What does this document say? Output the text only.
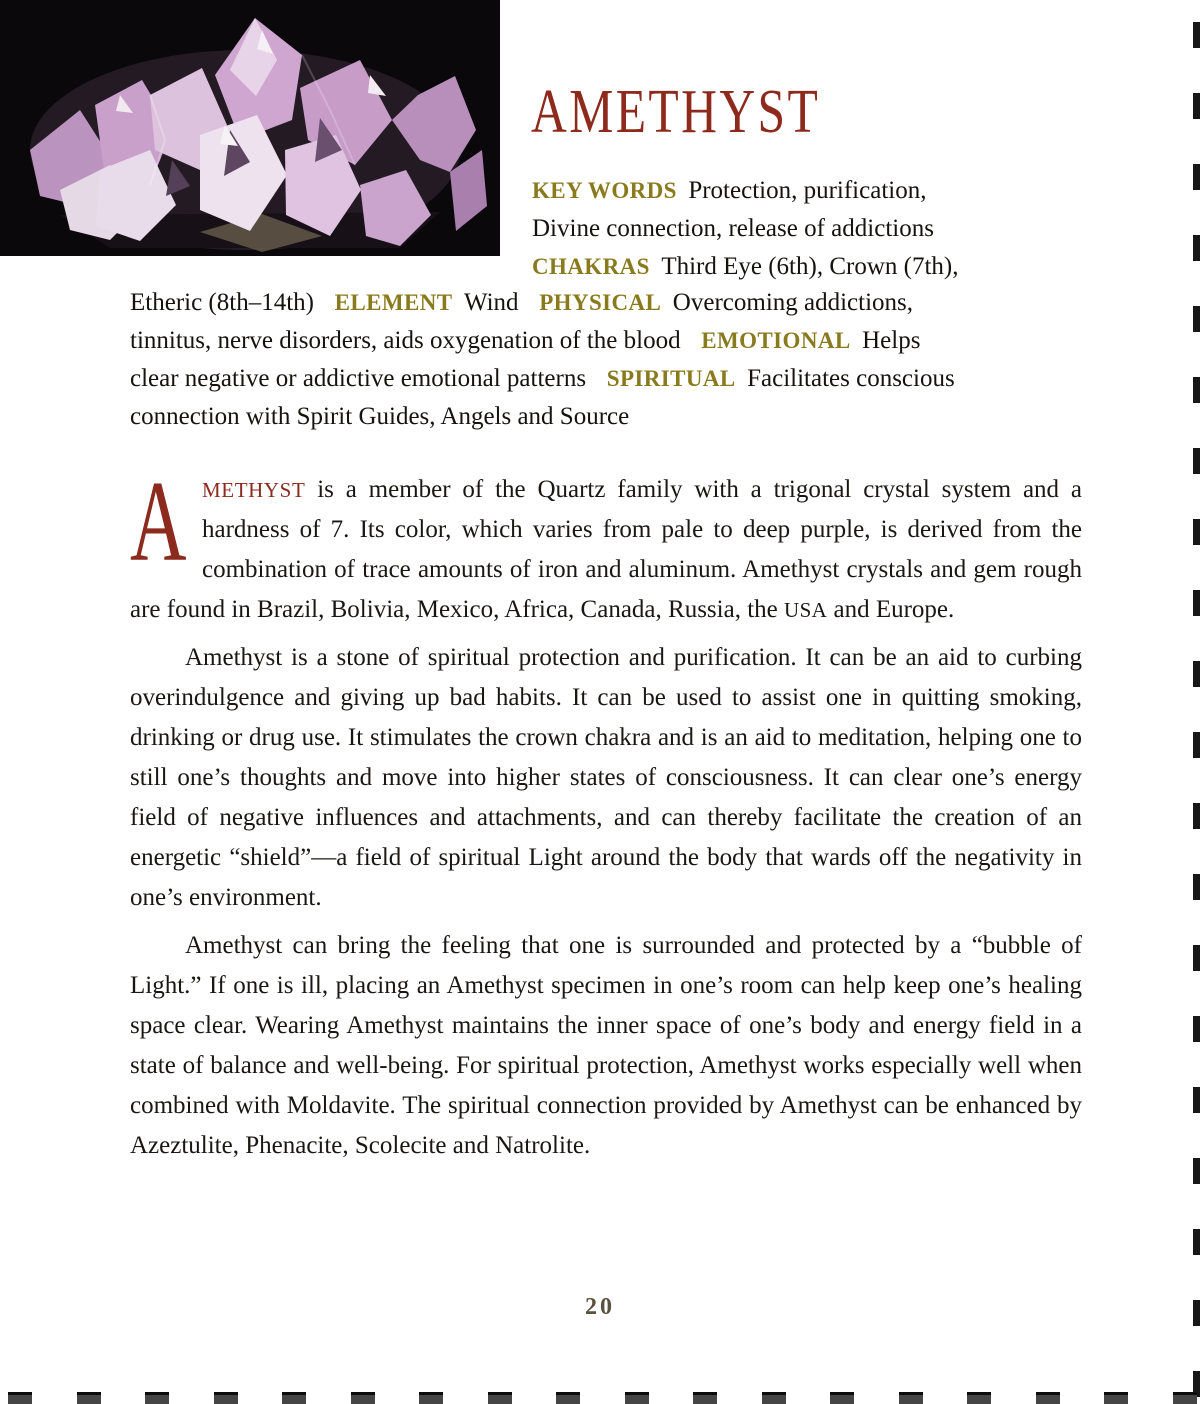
AMETHYST
KEY WORDS Protection, purification,
Divine connection, release of addictions
CHAKRAS Third Eye (6th), Crown (7th),
Etheric (8th–14th) ELEMENT Wind PHYSICAL Overcoming addictions,
tinnitus, nerve disorders, aids oxygenation of the blood EMOTIONAL Helps
clear negative or addictive emotional patterns SPIRITUAL Facilitates conscious
connection with Spirit Guides, Angels and Source

AMETHYST is a member of the Quartz family with a trigonal crystal system and a hardness of 7. Its color, which varies from pale to deep purple, is derived from the combination of trace amounts of iron and aluminum. Amethyst crystals and gem rough are found in Brazil, Bolivia, Mexico, Africa, Canada, Russia, the USA and Europe.

Amethyst is a stone of spiritual protection and purification. It can be an aid to curbing overindulgence and giving up bad habits. It can be used to assist one in quitting smoking, drinking or drug use. It stimulates the crown chakra and is an aid to meditation, helping one to still one’s thoughts and move into higher states of consciousness. It can clear one’s energy field of negative influences and attachments, and can thereby facilitate the creation of an energetic “shield”—a field of spiritual Light around the body that wards off the negativity in one’s environment.

Amethyst can bring the feeling that one is surrounded and protected by a “bubble of Light.” If one is ill, placing an Amethyst specimen in one’s room can help keep one’s healing space clear. Wearing Amethyst maintains the inner space of one’s body and energy field in a state of balance and well-being. For spiritual protection, Amethyst works especially well when combined with Moldavite. The spiritual connection provided by Amethyst can be enhanced by Azeztulite, Phenacite, Scolecite and Natrolite.

20
